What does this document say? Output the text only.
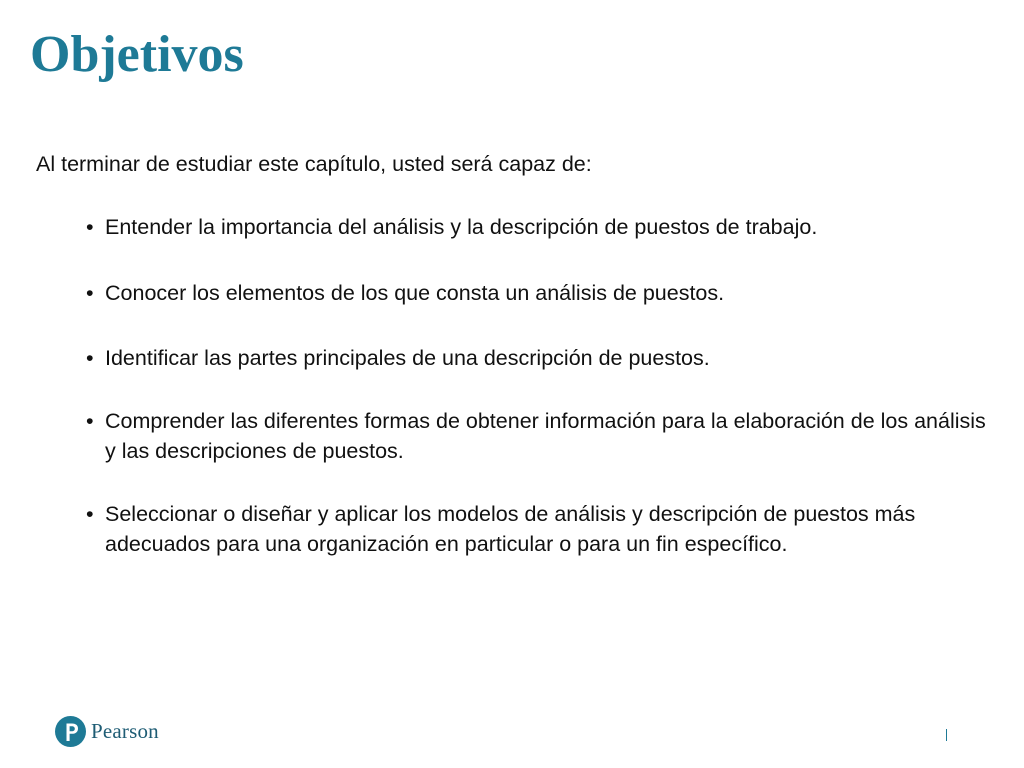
Objetivos

Al terminar de estudiar este capítulo, usted será capaz de:

• Entender la importancia del análisis y la descripción de puestos de trabajo.
• Conocer los elementos de los que consta un análisis de puestos.
• Identificar las partes principales de una descripción de puestos.
• Comprender las diferentes formas de obtener información para la elaboración de los análisis y las descripciones de puestos.
• Seleccionar o diseñar y aplicar los modelos de análisis y descripción de puestos más adecuados para una organización en particular o para un fin específico.
Pearson
